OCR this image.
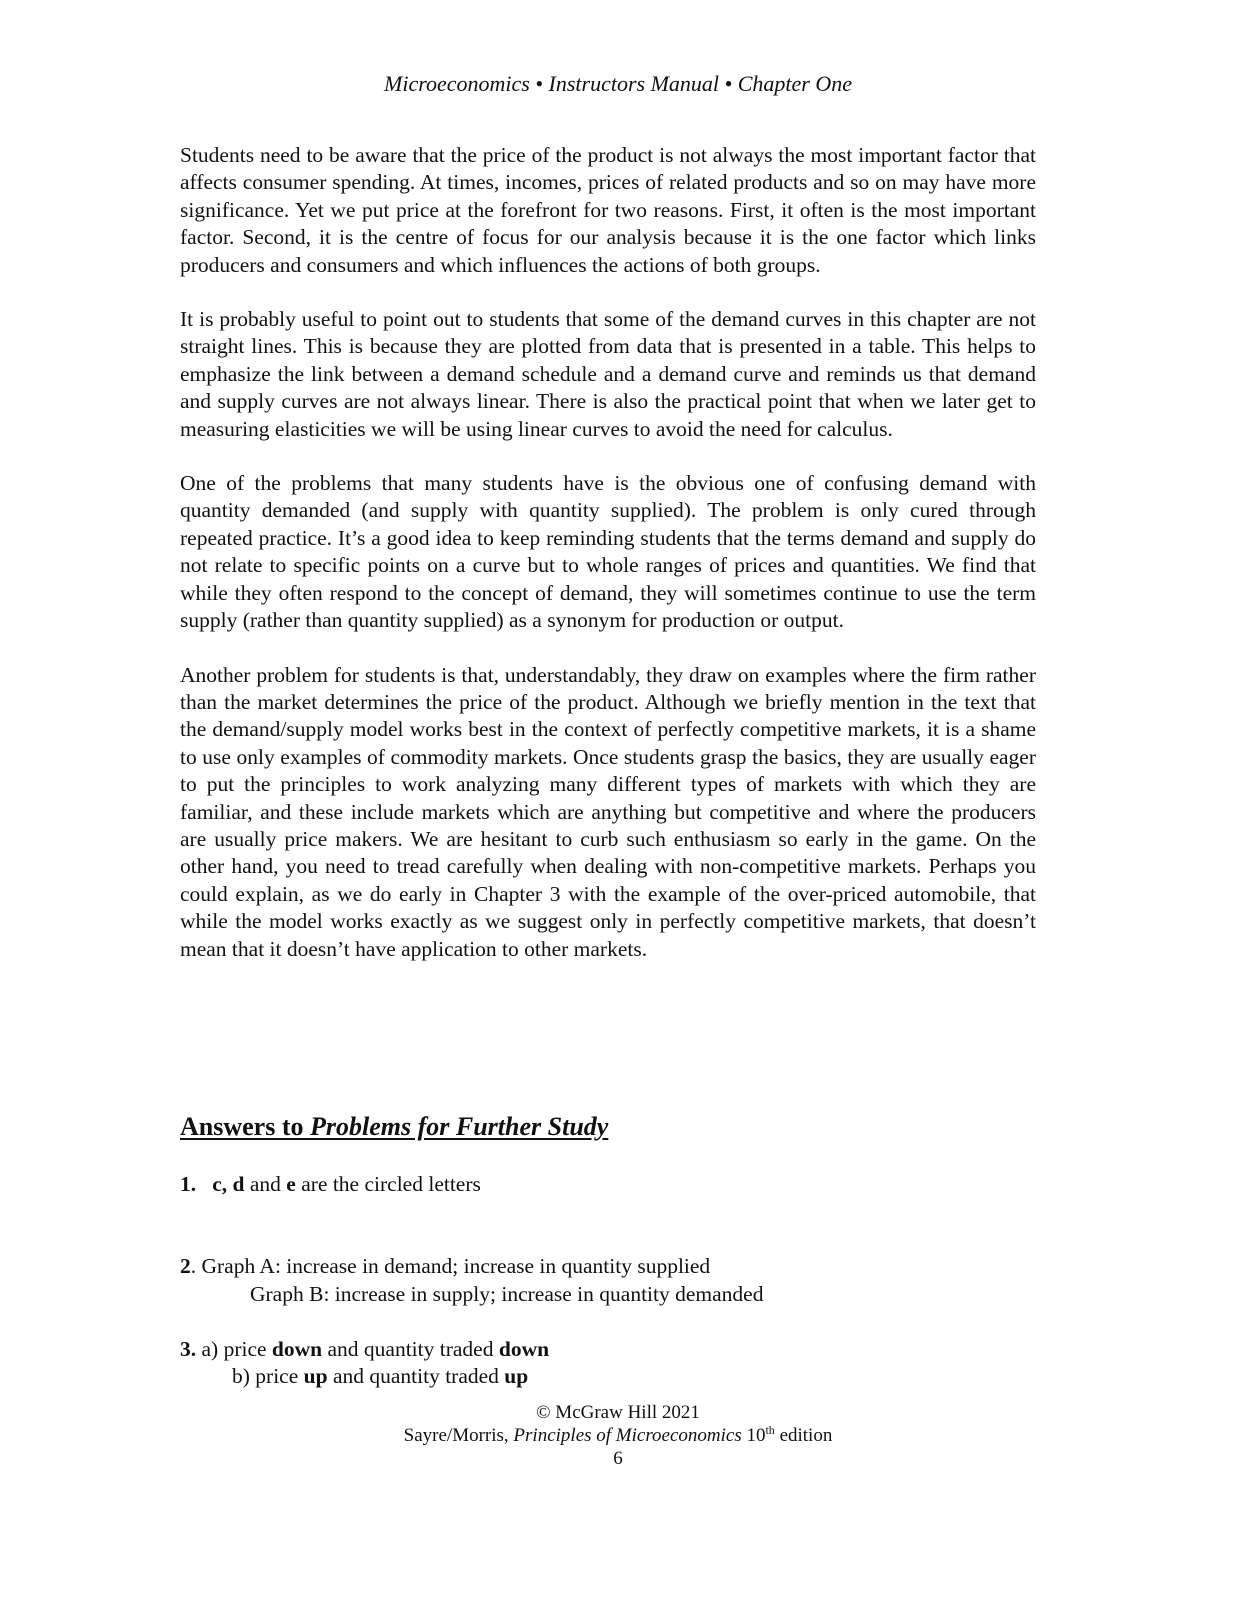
Microeconomics • Instructors Manual • Chapter One

Students need to be aware that the price of the product is not always the most important factor that affects consumer spending. At times, incomes, prices of related products and so on may have more significance. Yet we put price at the forefront for two reasons. First, it often is the most important factor. Second, it is the centre of focus for our analysis because it is the one factor which links producers and consumers and which influences the actions of both groups.

It is probably useful to point out to students that some of the demand curves in this chapter are not straight lines. This is because they are plotted from data that is presented in a table. This helps to emphasize the link between a demand schedule and a demand curve and reminds us that demand and supply curves are not always linear. There is also the practical point that when we later get to measuring elasticities we will be using linear curves to avoid the need for calculus.

One of the problems that many students have is the obvious one of confusing demand with quantity demanded (and supply with quantity supplied). The problem is only cured through repeated practice. It’s a good idea to keep reminding students that the terms demand and supply do not relate to specific points on a curve but to whole ranges of prices and quantities. We find that while they often respond to the concept of demand, they will sometimes continue to use the term supply (rather than quantity supplied) as a synonym for production or output.

Another problem for students is that, understandably, they draw on examples where the firm rather than the market determines the price of the product. Although we briefly mention in the text that the demand/supply model works best in the context of perfectly competitive markets, it is a shame to use only examples of commodity markets. Once students grasp the basics, they are usually eager to put the principles to work analyzing many different types of markets with which they are familiar, and these include markets which are anything but competitive and where the producers are usually price makers. We are hesitant to curb such enthusiasm so early in the game. On the other hand, you need to tread carefully when dealing with non-competitive markets. Perhaps you could explain, as we do early in Chapter 3 with the example of the over-priced automobile, that while the model works exactly as we suggest only in perfectly competitive markets, that doesn’t mean that it doesn’t have application to other markets.

Answers to Problems for Further Study
1. c, d and e are the circled letters
2. Graph A: increase in demand; increase in quantity supplied
Graph B: increase in supply; increase in quantity demanded
3. a) price down and quantity traded down
b) price up and quantity traded up
© McGraw Hill 2021
Sayre/Morris, Principles of Microeconomics 10th edition
6
